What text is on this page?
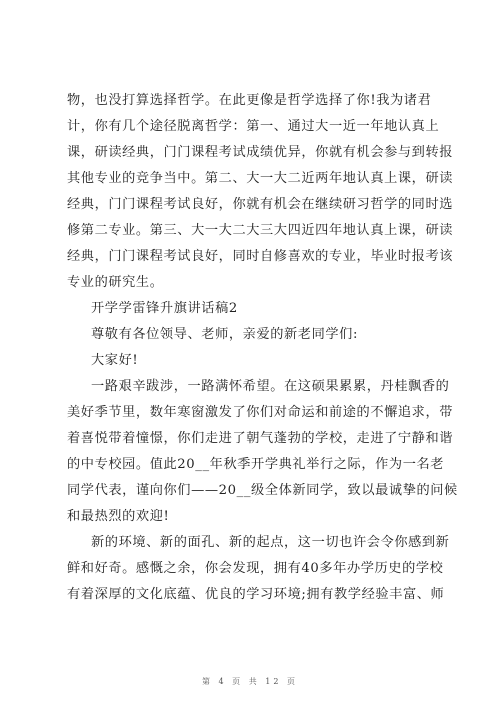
物，也没打算选择哲学。在此更像是哲学选择了你!我为诸君
计，你有几个途径脱离哲学：第一、通过大一近一年地认真上
课，研读经典，门门课程考试成绩优异，你就有机会参与到转报
其他专业的竞争当中。第二、大一大二近两年地认真上课，研读
经典，门门课程考试良好，你就有机会在继续研习哲学的同时选
修第二专业。第三、大一大二大三大四近四年地认真上课，研读
经典，门门课程考试良好，同时自修喜欢的专业，毕业时报考该
专业的研究生。
开学学雷锋升旗讲话稿2
尊敬有各位领导、老师，亲爱的新老同学们:
大家好!
一路艰辛跋涉，一路满怀希望。在这硕果累累，丹桂飘香的
美好季节里，数年寒窗激发了你们对命运和前途的不懈追求，带
着喜悦带着憧憬，你们走进了朝气蓬勃的学校，走进了宁静和谐
的中专校园。值此20__年秋季开学典礼举行之际，作为一名老
同学代表，谨向你们——20__级全体新同学，致以最诚挚的问候
和最热烈的欢迎!
新的环境、新的面孔、新的起点，这一切也许会令你感到新
鲜和好奇。感慨之余，你会发现，拥有40多年办学历史的学校
有着深厚的文化底蕴、优良的学习环境;拥有教学经验丰富、师
第 4 页 共 12 页
